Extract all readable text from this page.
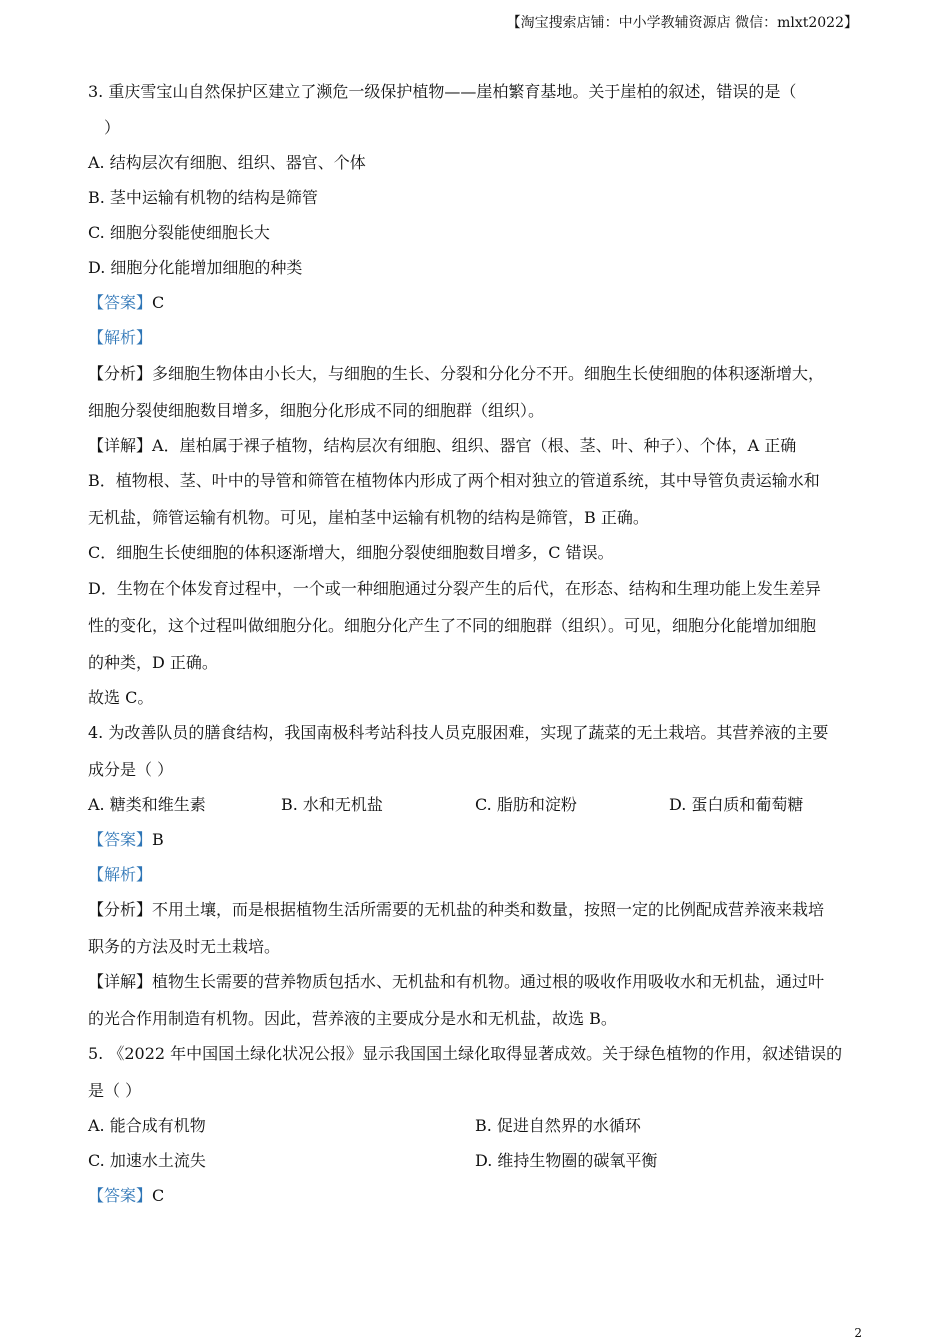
【淘宝搜索店铺：中小学教辅资源店 微信：mlxt2022】
3. 重庆雪宝山自然保护区建立了濒危一级保护植物——崖柏繁育基地。关于崖柏的叙述，错误的是（
）
A. 结构层次有细胞、组织、器官、个体
B. 茎中运输有机物的结构是筛管
C. 细胞分裂能使细胞长大
D. 细胞分化能增加细胞的种类
【答案】C
【解析】
【分析】多细胞生物体由小长大，与细胞的生长、分裂和分化分不开。细胞生长使细胞的体积逐渐增大，
细胞分裂使细胞数目增多，细胞分化形成不同的细胞群（组织）。
【详解】A．崖柏属于裸子植物，结构层次有细胞、组织、器官（根、茎、叶、种子）、个体，A 正确
B．植物根、茎、叶中的导管和筛管在植物体内形成了两个相对独立的管道系统，其中导管负责运输水和
无机盐，筛管运输有机物。可见，崖柏茎中运输有机物的结构是筛管，B 正确。
C．细胞生长使细胞的体积逐渐增大，细胞分裂使细胞数目增多，C 错误。
D．生物在个体发育过程中，一个或一种细胞通过分裂产生的后代，在形态、结构和生理功能上发生差异
性的变化，这个过程叫做细胞分化。细胞分化产生了不同的细胞群（组织）。可见，细胞分化能增加细胞
的种类，D 正确。
故选 C。
4. 为改善队员的膳食结构，我国南极科考站科技人员克服困难，实现了蔬菜的无土栽培。其营养液的主要
成分是（ ）
A. 糖类和维生素	B. 水和无机盐	C. 脂肪和淀粉	D. 蛋白质和葡萄糖
【答案】B
【解析】
【分析】不用土壤，而是根据植物生活所需要的无机盐的种类和数量，按照一定的比例配成营养液来栽培
职务的方法及时无土栽培。
【详解】植物生长需要的营养物质包括水、无机盐和有机物。通过根的吸收作用吸收水和无机盐，通过叶
的光合作用制造有机物。因此，营养液的主要成分是水和无机盐，故选 B。
5. 《2022 年中国国土绿化状况公报》显示我国国土绿化取得显著成效。关于绿色植物的作用，叙述错误的
是（ ）
A. 能合成有机物	B. 促进自然界的水循环
C. 加速水土流失	D. 维持生物圈的碳氧平衡
【答案】C
2
